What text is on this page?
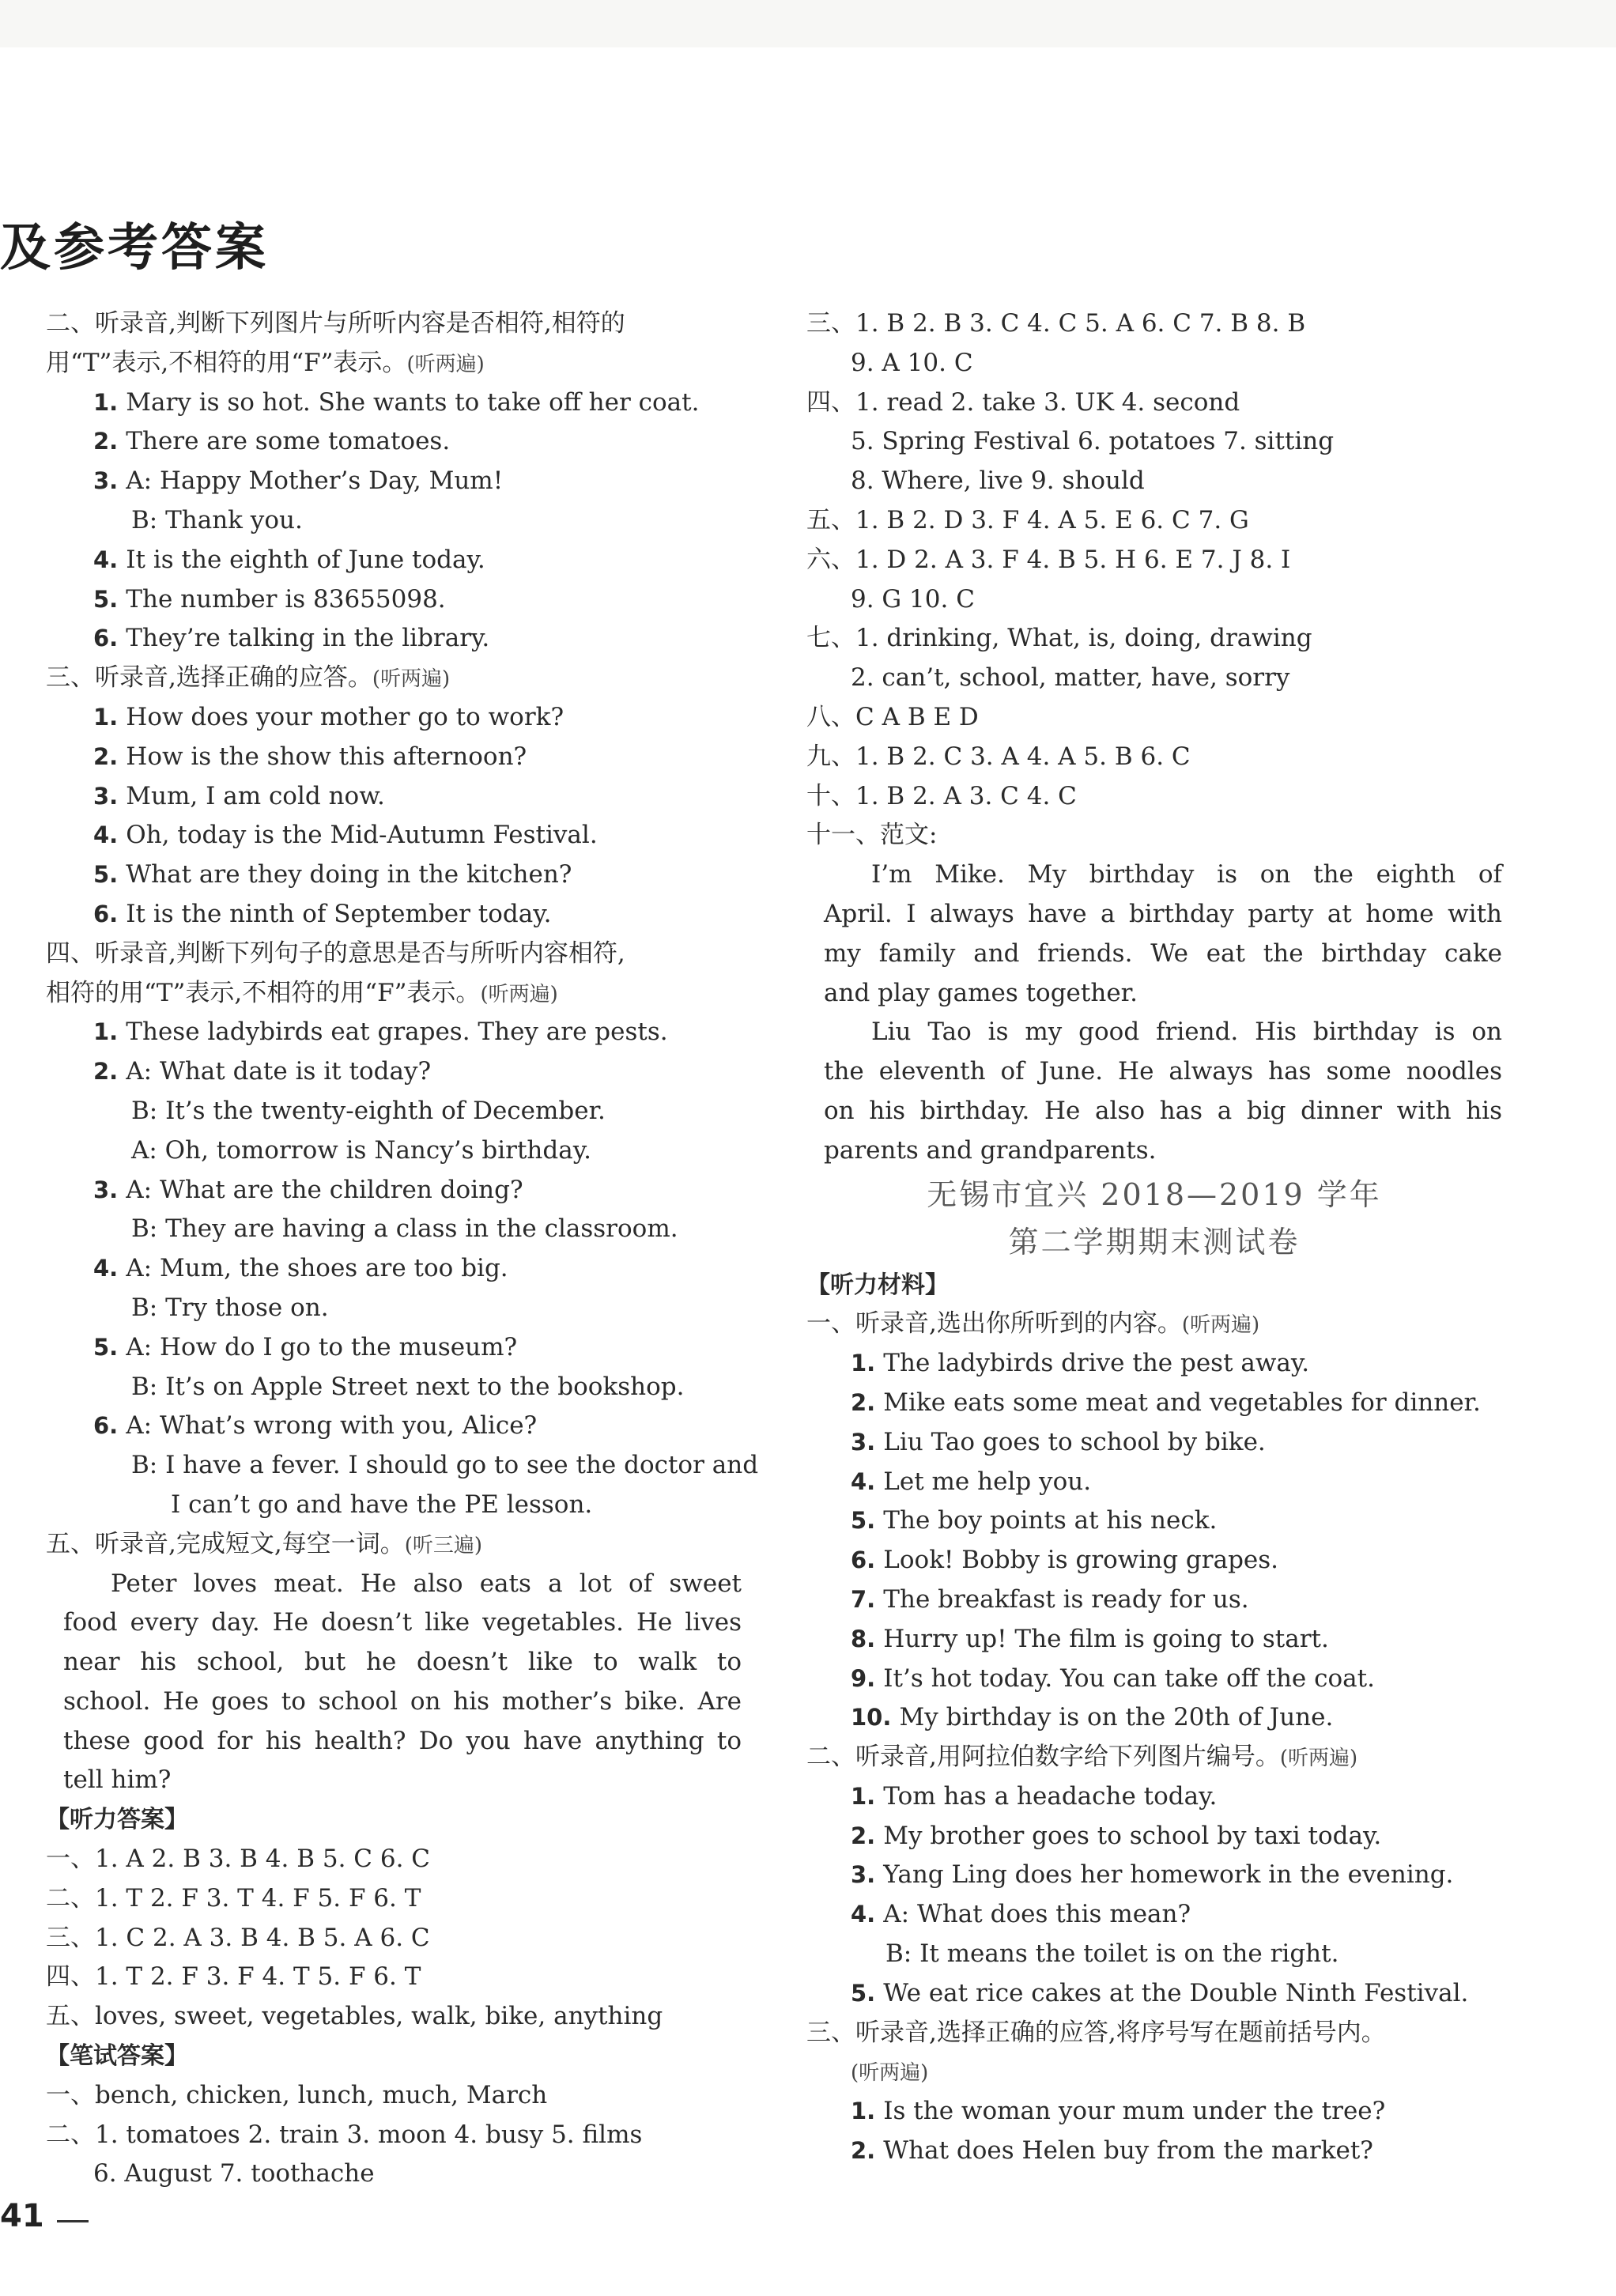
及参考答案
二、听录音,判断下列图片与所听内容是否相符,相符的
用“T”表示,不相符的用“F”表示。(听两遍)
1. Mary is so hot. She wants to take off her coat.
2. There are some tomatoes.
3. A: Happy Mother’s Day, Mum!
B: Thank you.
4. It is the eighth of June today.
5. The number is 83655098.
6. They’re talking in the library.
三、听录音,选择正确的应答。(听两遍)
1. How does your mother go to work?
2. How is the show this afternoon?
3. Mum, I am cold now.
4. Oh, today is the Mid-Autumn Festival.
5. What are they doing in the kitchen?
6. It is the ninth of September today.
四、听录音,判断下列句子的意思是否与所听内容相符,
相符的用“T”表示,不相符的用“F”表示。(听两遍)
1. These ladybirds eat grapes. They are pests.
2. A: What date is it today?
B: It’s the twenty-eighth of December.
A: Oh, tomorrow is Nancy’s birthday.
3. A: What are the children doing?
B: They are having a class in the classroom.
4. A: Mum, the shoes are too big.
B: Try those on.
5. A: How do I go to the museum?
B: It’s on Apple Street next to the bookshop.
6. A: What’s wrong with you, Alice?
B: I have a fever. I should go to see the doctor and
I can’t go and have the PE lesson.
五、听录音,完成短文,每空一词。(听三遍)
Peter loves meat. He also eats a lot of sweet
food every day. He doesn’t like vegetables. He lives
near his school, but he doesn’t like to walk to
school. He goes to school on his mother’s bike. Are
these good for his health? Do you have anything to
tell him?
【听力答案】
一、1. A 2. B 3. B 4. B 5. C 6. C
二、1. T 2. F 3. T 4. F 5. F 6. T
三、1. C 2. A 3. B 4. B 5. A 6. C
四、1. T 2. F 3. F 4. T 5. F 6. T
五、loves, sweet, vegetables, walk, bike, anything
【笔试答案】
一、bench, chicken, lunch, much, March
二、1. tomatoes 2. train 3. moon 4. busy 5. films
6. August 7. toothache
三、1. B 2. B 3. C 4. C 5. A 6. C 7. B 8. B
9. A 10. C
四、1. read 2. take 3. UK 4. second
5. Spring Festival 6. potatoes 7. sitting
8. Where, live 9. should
五、1. B 2. D 3. F 4. A 5. E 6. C 7. G
六、1. D 2. A 3. F 4. B 5. H 6. E 7. J 8. I
9. G 10. C
七、1. drinking, What, is, doing, drawing
2. can’t, school, matter, have, sorry
八、C A B E D
九、1. B 2. C 3. A 4. A 5. B 6. C
十、1. B 2. A 3. C 4. C
十一、范文:
I’m Mike. My birthday is on the eighth of
April. I always have a birthday party at home with
my family and friends. We eat the birthday cake
and play games together.
Liu Tao is my good friend. His birthday is on
the eleventh of June. He always has some noodles
on his birthday. He also has a big dinner with his
parents and grandparents.
无锡市宜兴 2018—2019 学年
第二学期期末测试卷
【听力材料】
一、听录音,选出你所听到的内容。(听两遍)
1. The ladybirds drive the pest away.
2. Mike eats some meat and vegetables for dinner.
3. Liu Tao goes to school by bike.
4. Let me help you.
5. The boy points at his neck.
6. Look! Bobby is growing grapes.
7. The breakfast is ready for us.
8. Hurry up! The film is going to start.
9. It’s hot today. You can take off the coat.
10. My birthday is on the 20th of June.
二、听录音,用阿拉伯数字给下列图片编号。(听两遍)
1. Tom has a headache today.
2. My brother goes to school by taxi today.
3. Yang Ling does her homework in the evening.
4. A: What does this mean?
B: It means the toilet is on the right.
5. We eat rice cakes at the Double Ninth Festival.
三、听录音,选择正确的应答,将序号写在题前括号内。
(听两遍)
1. Is the woman your mum under the tree?
2. What does Helen buy from the market?
41
